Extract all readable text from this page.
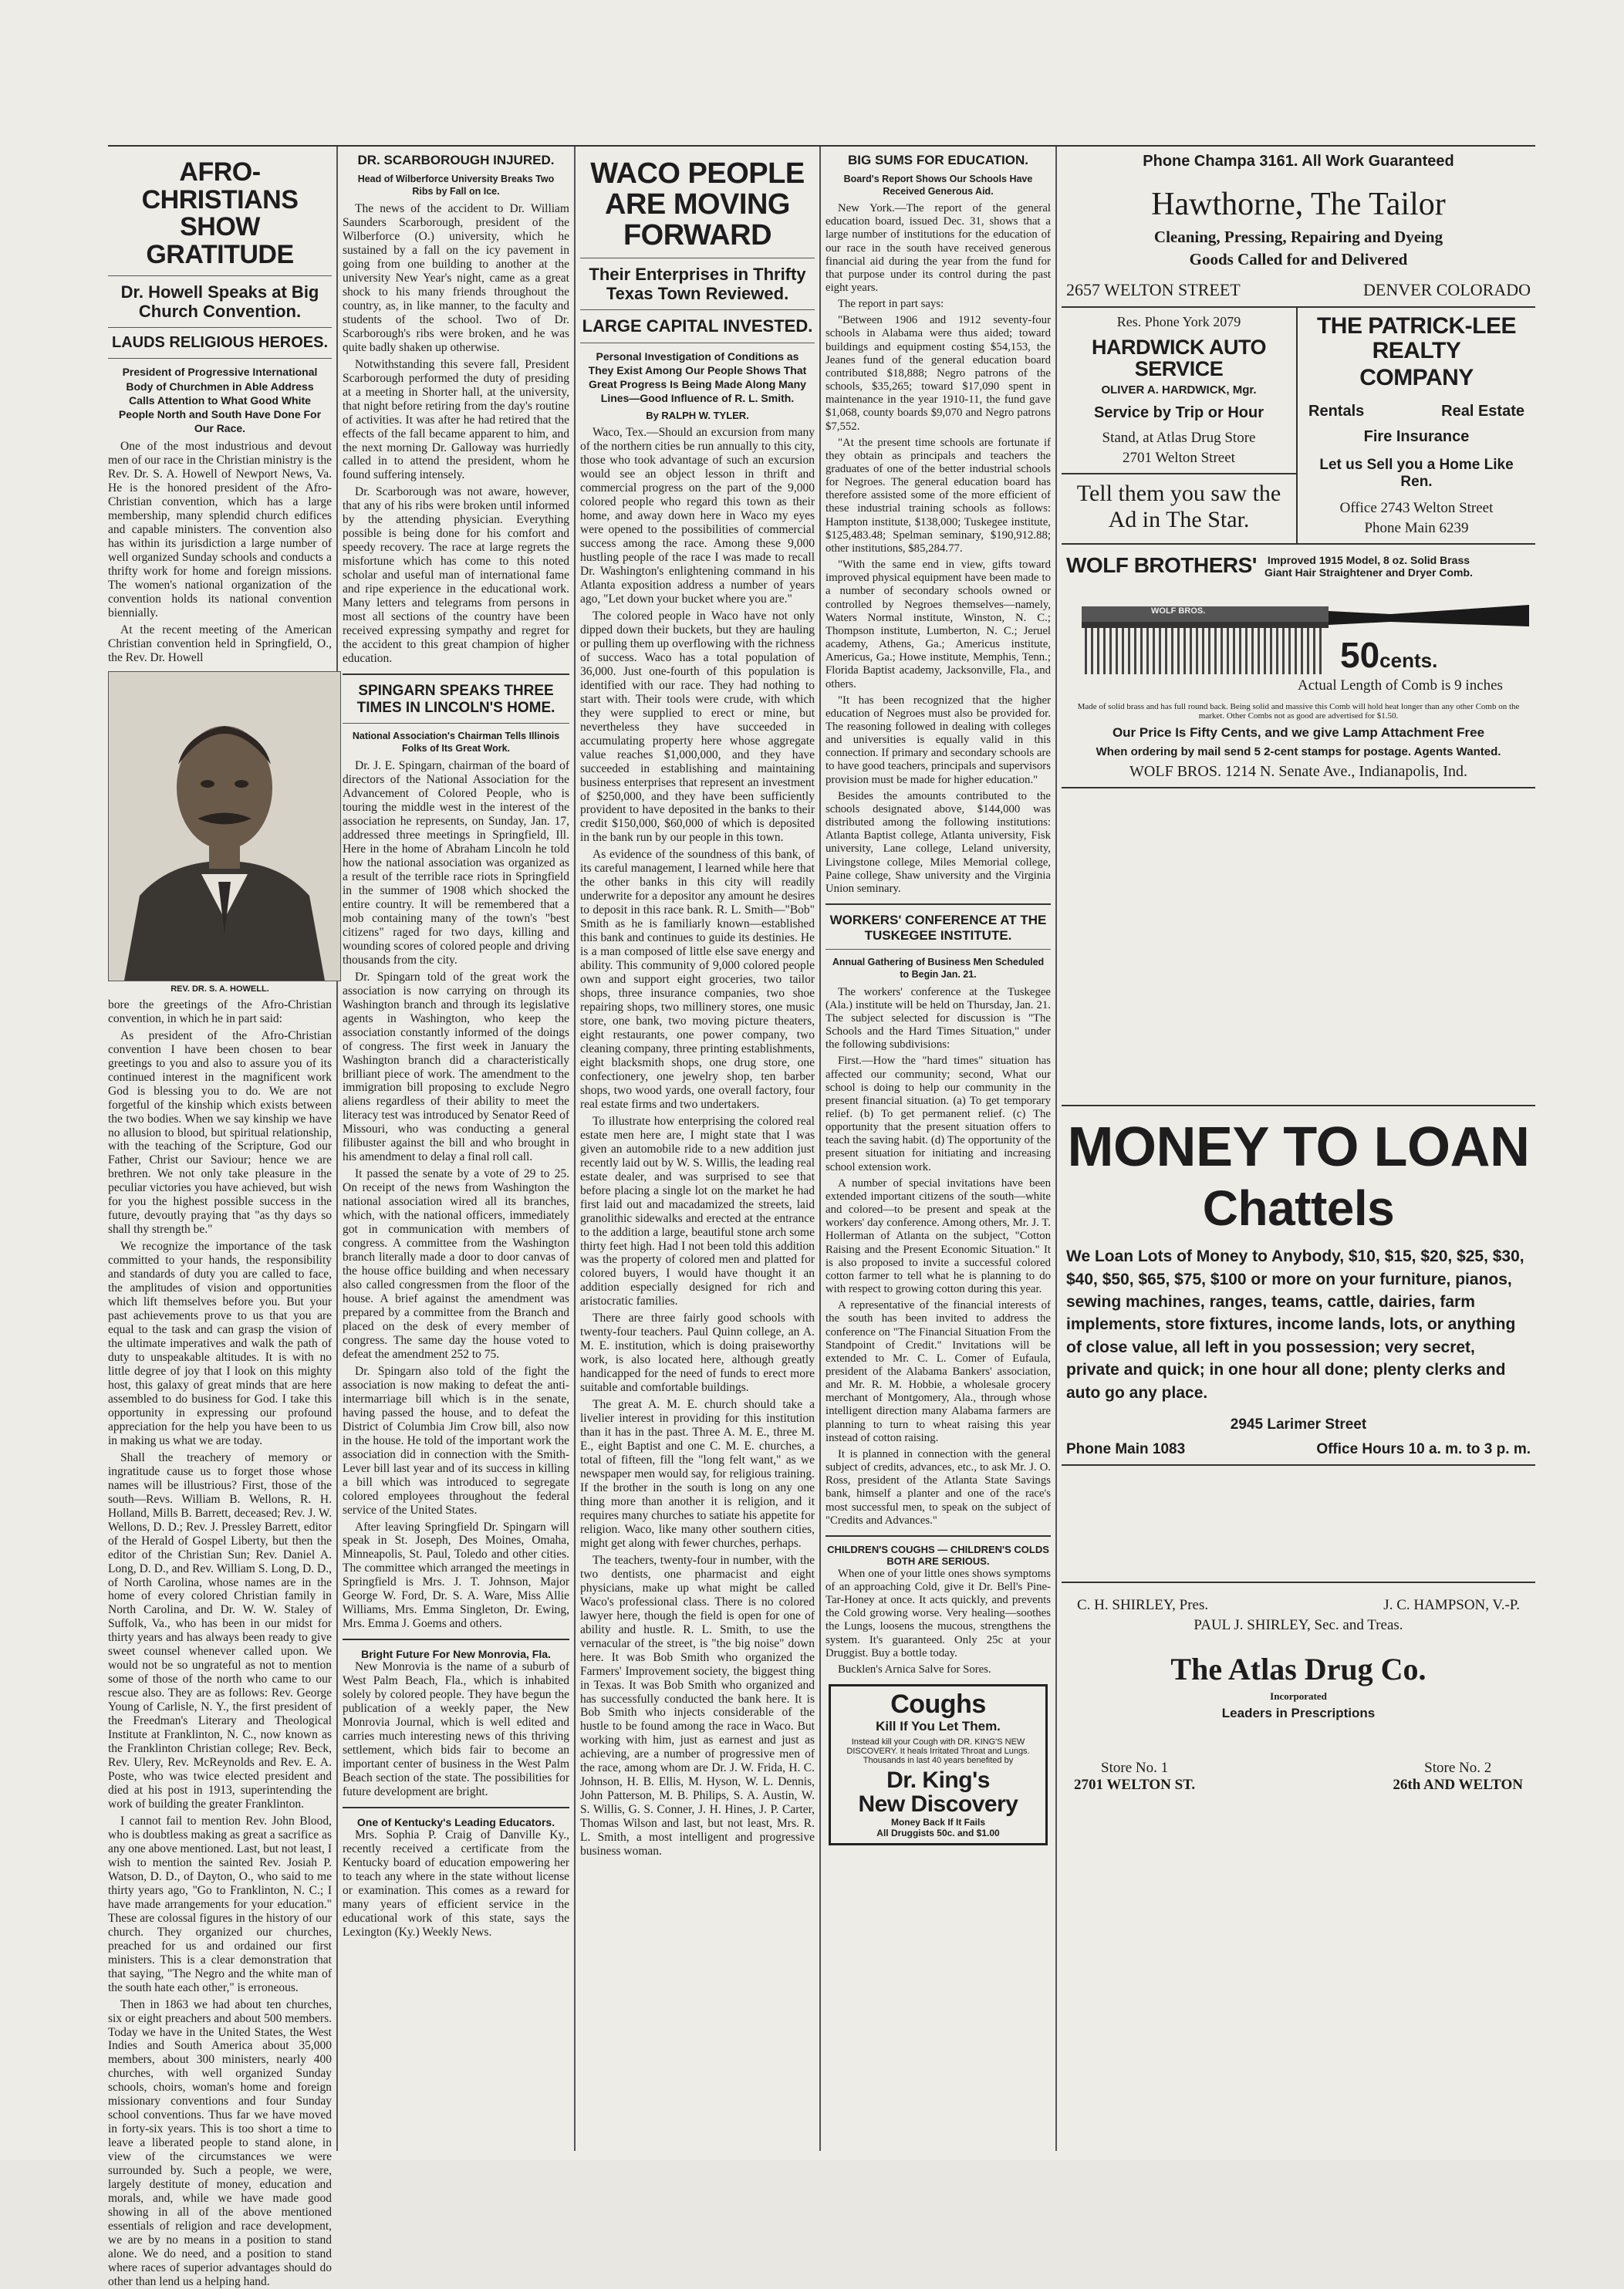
AFRO-CHRISTIANS SHOW GRATITUDE
Dr. Howell Speaks at Big Church Convention.
LAUDS RELIGIOUS HEROES.
President of Progressive International Body of Churchmen in Able Address Calls Attention to What Good White People North and South Have Done For Our Race.

One of the most industrious and devout men of our race in the Christian ministry is the Rev. Dr. S. A. Howell of Newport News, Va. He is the honored president of the Afro-Christian convention, which has a large membership, many splendid church edifices and capable ministers. The convention also has within its jurisdiction a large number of well organized Sunday schools and conducts a thrifty work for home and foreign missions. The women's national organization of the convention holds its national convention biennially.

At the recent meeting of the American Christian convention held in Springfield, O., the Rev. Dr. Howell

REV. DR. S. A. HOWELL.

bore the greetings of the Afro-Christian convention, in which he in part said:

As president of the Afro-Christian convention I have been chosen to bear greetings to you and also to assure you of its continued interest in the magnificent work God is blessing you to do. We are not forgetful of the kinship which exists between the two bodies. When we say kinship we have no allusion to blood, but spiritual relationship, with the teaching of the Scripture, God our Father, Christ our Saviour; hence we are brethren. We not only take pleasure in the peculiar victories you have achieved, but wish for you the highest possible success in the future, devoutly praying that "as thy days so shall thy strength be."

We recognize the importance of the task committed to your hands, the responsibility and standards of duty you are called to face, the amplitudes of vision and opportunities which lift themselves before you. But your past achievements prove to us that you are equal to the task and can grasp the vision of the ultimate imperatives and walk the path of duty to unspeakable altitudes. It is with no little degree of joy that I look on this mighty host, this galaxy of great minds that are here assembled to do business for God. I take this opportunity in expressing our profound appreciation for the help you have been to us in making us what we are today.

Shall the treachery of memory or ingratitude cause us to forget those whose names will be illustrious? First, those of the south—Revs. William B. Wellons, R. H. Holland, Mills B. Barrett, deceased; Rev. J. W. Wellons, D. D.; Rev. J. Pressley Barrett, editor of the Herald of Gospel Liberty, but then the editor of the Christian Sun; Rev. Daniel A. Long, D. D., and Rev. William S. Long, D. D., of North Carolina, whose names are in the home of every colored Christian family in North Carolina, and Dr. W. W. Staley of Suffolk, Va., who has been in our midst for thirty years and has always been ready to give sweet counsel whenever called upon. We would not be so ungrateful as not to mention some of those of the north who came to our rescue also. They are as follows: Rev. George Young of Carlisle, N. Y., the first president of the Freedman's Literary and Theological Institute at Franklinton, N. C., now known as the Franklinton Christian college; Rev. Beck, Rev. Ulery, Rev. McReynolds and Rev. E. A. Poste, who was twice elected president and died at his post in 1913, superintending the work of building the greater Franklinton.

I cannot fail to mention Rev. John Blood, who is doubtless making as great a sacrifice as any one above mentioned. Last, but not least, I wish to mention the sainted Rev. Josiah P. Watson, D. D., of Dayton, O., who said to me thirty years ago, "Go to Franklinton, N. C.; I have made arrangements for your education." These are colossal figures in the history of our church. They organized our churches, preached for us and ordained our first ministers. This is a clear demonstration that that saying, "The Negro and the white man of the south hate each other," is erroneous.

Then in 1863 we had about ten churches, six or eight preachers and about 500 members. Today we have in the United States, the West Indies and South America about 35,000 members, about 300 ministers, nearly 400 churches, with well organized Sunday schools, choirs, woman's home and foreign missionary conventions and four Sunday school conventions. Thus far we have moved in forty-six years. This is too short a time to leave a liberated people to stand alone, in view of the circumstances we were surrounded by. Such a people, we were, largely destitute of money, education and morals, and, while we have made good showing in all of the above mentioned essentials of religion and race development, we are by no means in a position to stand alone. We do need, and a position to stand where races of superior advantages should do other than lend us a helping hand.

DR. SCARBOROUGH INJURED.
Head of Wilberforce University Breaks Two Ribs by Fall on Ice.

The news of the accident to Dr. William Saunders Scarborough, president of the Wilberforce (O.) university, which he sustained by a fall on the icy pavement in going from one building to another at the university New Year's night, came as a great shock to his many friends throughout the country, as, in like manner, to the faculty and students of the school. Two of Dr. Scarborough's ribs were broken, and he was quite badly shaken up otherwise.

Notwithstanding this severe fall, President Scarborough performed the duty of presiding at a meeting in Shorter hall, at the university, that night before retiring from the day's routine of activities. It was after he had retired that the effects of the fall became apparent to him, and the next morning Dr. Galloway was hurriedly called in to attend the president, whom he found suffering intensely.

Dr. Scarborough was not aware, however, that any of his ribs were broken until informed by the attending physician. Everything possible is being done for his comfort and speedy recovery. The race at large regrets the misfortune which has come to this noted scholar and useful man of international fame and ripe experience in the educational work. Many letters and telegrams from persons in most all sections of the country have been received expressing sympathy and regret for the accident to this great champion of higher education.

SPINGARN SPEAKS THREE TIMES IN LINCOLN'S HOME.
National Association's Chairman Tells Illinois Folks of Its Great Work.

Dr. J. E. Spingarn, chairman of the board of directors of the National Association for the Advancement of Colored People, who is touring the middle west in the interest of the association he represents, on Sunday, Jan. 17, addressed three meetings in Springfield, Ill. Here in the home of Abraham Lincoln he told how the national association was organized as a result of the terrible race riots in Springfield in the summer of 1908 which shocked the entire country. It will be remembered that a mob containing many of the town's "best citizens" raged for two days, killing and wounding scores of colored people and driving thousands from the city.

Dr. Spingarn told of the great work the association is now carrying on through its Washington branch and through its legislative agents in Washington, who keep the association constantly informed of the doings of congress. The first week in January the Washington branch did a characteristically brilliant piece of work. The amendment to the immigration bill proposing to exclude Negro aliens regardless of their ability to meet the literacy test was introduced by Senator Reed of Missouri, who was conducting a general filibuster against the bill and who brought in his amendment to delay a final roll call.

It passed the senate by a vote of 29 to 25. On receipt of the news from Washington the national association wired all its branches, which, with the national officers, immediately got in communication with members of congress. A committee from the Washington branch literally made a door to door canvas of the house office building and when necessary also called congressmen from the floor of the house. A brief against the amendment was prepared by a committee from the Branch and placed on the desk of every member of congress. The same day the house voted to defeat the amendment 252 to 75.

Dr. Spingarn also told of the fight the association is now making to defeat the anti-intermarriage bill which is in the senate, having passed the house, and to defeat the District of Columbia Jim Crow bill, also now in the house. He told of the important work the association did in connection with the Smith-Lever bill last year and of its success in killing a bill which was introduced to segregate colored employees throughout the federal service of the United States.

After leaving Springfield Dr. Spingarn will speak in St. Joseph, Des Moines, Omaha, Minneapolis, St. Paul, Toledo and other cities. The committee which arranged the meetings in Springfield is Mrs. J. T. Johnson, Major George W. Ford, Dr. S. A. Ware, Miss Allie Williams, Mrs. Emma Singleton, Dr. Ewing, Mrs. Emma J. Goems and others.

Bright Future For New Monrovia, Fla.

New Monrovia is the name of a suburb of West Palm Beach, Fla., which is inhabited solely by colored people. They have begun the publication of a weekly paper, the New Monrovia Journal, which is well edited and carries much interesting news of this thriving settlement, which bids fair to become an important center of business in the West Palm Beach section of the state. The possibilities for future development are bright.

One of Kentucky's Leading Educators.

Mrs. Sophia P. Craig of Danville Ky., recently received a certificate from the Kentucky board of education empowering her to teach any where in the state without license or examination. This comes as a reward for many years of efficient service in the educational work of this state, says the Lexington (Ky.) Weekly News.

WACO PEOPLE ARE MOVING FORWARD
Their Enterprises in Thrifty Texas Town Reviewed.
LARGE CAPITAL INVESTED.
Personal Investigation of Conditions as They Exist Among Our People Shows That Great Progress Is Being Made Along Many Lines—Good Influence of R. L. Smith.
By RALPH W. TYLER.

Waco, Tex.—Should an excursion from many of the northern cities be run annually to this city, those who took advantage of such an excursion would see an object lesson in thrift and commercial progress on the part of the 9,000 colored people who regard this town as their home, and away down here in Waco my eyes were opened to the possibilities of commercial success among the race. Among these 9,000 hustling people of the race I was made to recall Dr. Washington's enlightening command in his Atlanta exposition address a number of years ago, "Let down your bucket where you are."

The colored people in Waco have not only dipped down their buckets, but they are hauling or pulling them up overflowing with the richness of success. Waco has a total population of 36,000. Just one-fourth of this population is identified with our race. They had nothing to start with. Their tools were crude, with which they were supplied to erect or mine, but nevertheless they have succeeded in accumulating property here whose aggregate value reaches $1,000,000, and they have succeeded in establishing and maintaining business enterprises that represent an investment of $250,000, and they have been sufficiently provident to have deposited in the banks to their credit $150,000, $60,000 of which is deposited in the bank run by our people in this town.

As evidence of the soundness of this bank, of its careful management, I learned while here that the other banks in this city will readily underwrite for a depositor any amount he desires to deposit in this race bank. R. L. Smith—"Bob" Smith as he is familiarly known—established this bank and continues to guide its destinies. He is a man composed of little else save energy and ability. This community of 9,000 colored people own and support eight groceries, two tailor shops, three insurance companies, two shoe repairing shops, two millinery stores, one music store, one bank, two moving picture theaters, eight restaurants, one power company, two cleaning company, three printing establishments, eight blacksmith shops, one drug store, one confectionery, one jewelry shop, ten barber shops, two wood yards, one overall factory, four real estate firms and two undertakers.

To illustrate how enterprising the colored real estate men here are, I might state that I was given an automobile ride to a new addition just recently laid out by W. S. Willis, the leading real estate dealer, and was surprised to see that before placing a single lot on the market he had first laid out and macadamized the streets, laid granolithic sidewalks and erected at the entrance to the addition a large, beautiful stone arch some thirty feet high. Had I not been told this addition was the property of colored men and platted for colored buyers, I would have thought it an addition especially designed for rich and aristocratic families.

There are three fairly good schools with twenty-four teachers. Paul Quinn college, an A. M. E. institution, which is doing praiseworthy work, is also located here, although greatly handicapped for the need of funds to erect more suitable and comfortable buildings.

The great A. M. E. church should take a livelier interest in providing for this institution than it has in the past. Three A. M. E., three M. E., eight Baptist and one C. M. E. churches, a total of fifteen, fill the "long felt want," as we newspaper men would say, for religious training. If the brother in the south is long on any one thing more than another it is religion, and it requires many churches to satiate his appetite for religion. Waco, like many other southern cities, might get along with fewer churches, perhaps.

The teachers, twenty-four in number, with the two dentists, one pharmacist and eight physicians, make up what might be called Waco's professional class. There is no colored lawyer here, though the field is open for one of ability and hustle. R. L. Smith, to use the vernacular of the street, is "the big noise" down here. It was Bob Smith who organized the Farmers' Improvement society, the biggest thing in Texas. It was Bob Smith who organized and has successfully conducted the bank here. It is Bob Smith who injects considerable of the hustle to be found among the race in Waco. But working with him, just as earnest and just as achieving, are a number of progressive men of the race, among whom are Dr. J. W. Frida, H. C. Johnson, H. B. Ellis, M. Hyson, W. L. Dennis, John Patterson, M. B. Philips, S. A. Austin, W. S. Willis, G. S. Conner, J. H. Hines, J. P. Carter, Thomas Wilson and last, but not least, Mrs. R. L. Smith, a most intelligent and progressive business woman.

BIG SUMS FOR EDUCATION.
Board's Report Shows Our Schools Have Received Generous Aid.

New York.—The report of the general education board, issued Dec. 31, shows that a large number of institutions for the education of our race in the south have received generous financial aid during the year from the fund for that purpose under its control during the past eight years.

The report in part says:

"Between 1906 and 1912 seventy-four schools in Alabama were thus aided; toward buildings and equipment costing $54,153, the Jeanes fund of the general education board contributed $18,888; Negro patrons of the schools, $35,265; toward $17,090 spent in maintenance in the year 1910-11, the fund gave $1,068, county boards $9,070 and Negro patrons $7,552.

"At the present time schools are fortunate if they obtain as principals and teachers the graduates of one of the better industrial schools for Negroes. The general education board has therefore assisted some of the more efficient of these industrial training schools as follows: Hampton institute, $138,000; Tuskegee institute, $125,483.48; Spelman seminary, $190,912.88; other institutions, $85,284.77.

"With the same end in view, gifts toward improved physical equipment have been made to a number of secondary schools owned or controlled by Negroes themselves—namely, Waters Normal institute, Winston, N. C.; Thompson institute, Lumberton, N. C.; Jeruel academy, Athens, Ga.; Americus institute, Americus, Ga.; Howe institute, Memphis, Tenn.; Florida Baptist academy, Jacksonville, Fla., and others.

"It has been recognized that the higher education of Negroes must also be provided for. The reasoning followed in dealing with colleges and universities is equally valid in this connection. If primary and secondary schools are to have good teachers, principals and supervisors provision must be made for higher education."

Besides the amounts contributed to the schools designated above, $144,000 was distributed among the following institutions: Atlanta Baptist college, Atlanta university, Fisk university, Lane college, Leland university, Livingstone college, Miles Memorial college, Paine college, Shaw university and the Virginia Union seminary.

WORKERS' CONFERENCE AT THE TUSKEGEE INSTITUTE.
Annual Gathering of Business Men Scheduled to Begin Jan. 21.

The workers' conference at the Tuskegee (Ala.) institute will be held on Thursday, Jan. 21. The subject selected for discussion is "The Schools and the Hard Times Situation," under the following subdivisions:

First.—How the "hard times" situation has affected our community; second, What our school is doing to help our community in the present financial situation. (a) To get temporary relief. (b) To get permanent relief. (c) The opportunity that the present situation offers to teach the saving habit. (d) The opportunity of the present situation for initiating and increasing school extension work.

A number of special invitations have been extended important citizens of the south—white and colored—to be present and speak at the workers' day conference. Among others, Mr. J. T. Hollerman of Atlanta on the subject, "Cotton Raising and the Present Economic Situation." It is also proposed to invite a successful colored cotton farmer to tell what he is planning to do with respect to growing cotton during this year.

A representative of the financial interests of the south has been invited to address the conference on "The Financial Situation From the Standpoint of Credit." Invitations will be extended to Mr. C. L. Comer of Eufaula, president of the Alabama Bankers' association, and Mr. R. M. Hobbie, a wholesale grocery merchant of Montgomery, Ala., through whose intelligent direction many Alabama farmers are planning to turn to wheat raising this year instead of cotton raising.

It is planned in connection with the general subject of credits, advances, etc., to ask Mr. J. O. Ross, president of the Atlanta State Savings bank, himself a planter and one of the race's most successful men, to speak on the subject of "Credits and Advances."

CHILDREN'S COUGHS — CHILDREN'S COLDS BOTH ARE SERIOUS.

When one of your little ones shows symptoms of an approaching Cold, give it Dr. Bell's Pine-Tar-Honey at once. It acts quickly, and prevents the Cold growing worse. Very healing—soothes the Lungs, loosens the mucous, strengthens the system. It's guaranteed. Only 25c at your Druggist. Buy a bottle today.

Bucklen's Arnica Salve for Sores.

Coughs
Kill If You Let Them.
Instead kill your Cough with DR. KING'S NEW DISCOVERY. It heals Irritated Throat and Lungs. Thousands in last 40 years benefited by
Dr. King's
New Discovery
Money Back If It Fails
All Druggists 50c. and $1.00
Phone Champa 3161. All Work Guaranteed
Hawthorne, The Tailor
Cleaning, Pressing, Repairing and Dyeing
Goods Called for and Delivered
2657 WELTON STREET	DENVER COLORADO
Res. Phone York 2079
HARDWICK AUTO SERVICE
OLIVER A. HARDWICK, Mgr.
Service by Trip or Hour
Stand, at Atlas Drug Store
2701 Welton Street
Tell them you saw the
Ad in The Star.
THE PATRICK-LEE REALTY
COMPANY
Rentals	Real Estate
Fire Insurance
Let us Sell you a Home Like
Ren.
Office 2743 Welton Street
Phone Main 6239
WOLF BROTHERS' Improved 1915 Model, 8 oz. Solid Brass
Giant Hair Straightener and Dryer Comb.
WOLF BROS.
50cents.
Actual Length of Comb is 9 inches
Made of solid brass and has full round back. Being solid and massive this Comb will hold heat longer than any other Comb on the market. Other Combs not as good are advertised for $1.50.
Our Price Is Fifty Cents, and we give Lamp Attachment Free
When ordering by mail send 5 2-cent stamps for postage. Agents Wanted.
WOLF BROS. 1214 N. Senate Ave., Indianapolis, Ind.
MONEY TO LOAN
Chattels
We Loan Lots of Money to Anybody, $10, $15, $20, $25, $30, $40, $50, $65, $75, $100 or more on your furniture, pianos, sewing machines, ranges, teams, cattle, dairies, farm implements, store fixtures, income lands, lots, or anything of close value, all left in you possession; very secret, private and quick; in one hour all done; plenty clerks and auto go any place.
2945 Larimer Street
Phone Main 1083	Office Hours 10 a. m. to 3 p. m.
C. H. SHIRLEY, Pres.	J. C. HAMPSON, V.-P.
PAUL J. SHIRLEY, Sec. and Treas.
The Atlas Drug Co.
Incorporated
Leaders in Prescriptions
Store No. 1
2701 WELTON ST.
Store No. 2
26th AND WELTON
